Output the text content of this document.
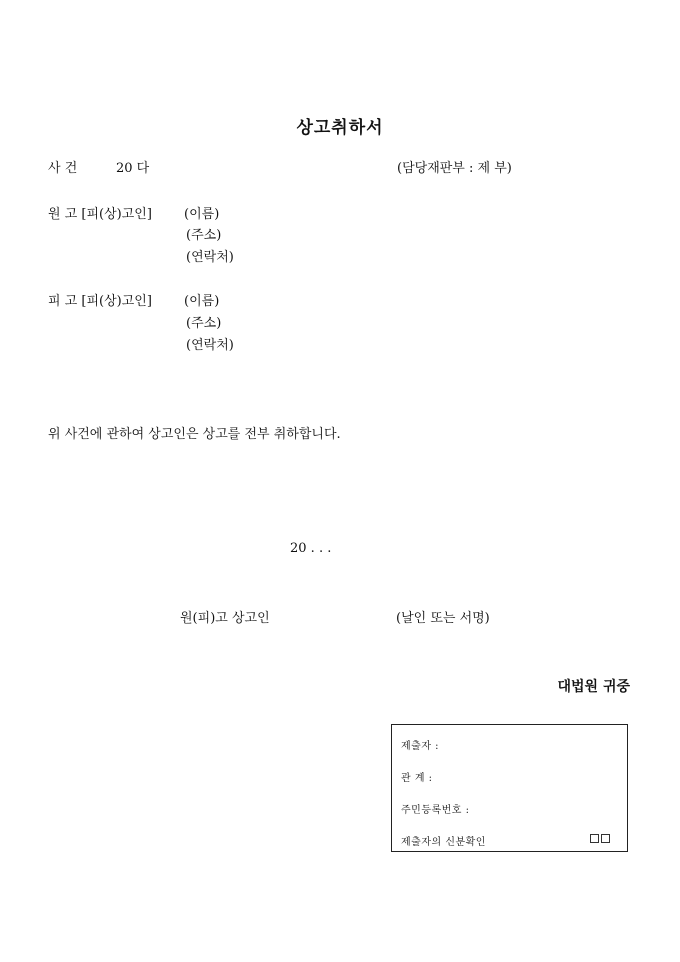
상고취하서
사 건	20 다	(담당재판부 : 제 부)
원 고 [피(상)고인] (이름)
(주소)
(연락처)
피 고 [피(상)고인] (이름)
(주소)
(연락처)
위 사건에 관하여 상고인은 상고를 전부 취하합니다.
20 . . .
원(피)고 상고인	(날인 또는 서명)
대법원 귀중
제출자 :
관 계 :
주민등록번호 :
제출자의 신분확인
